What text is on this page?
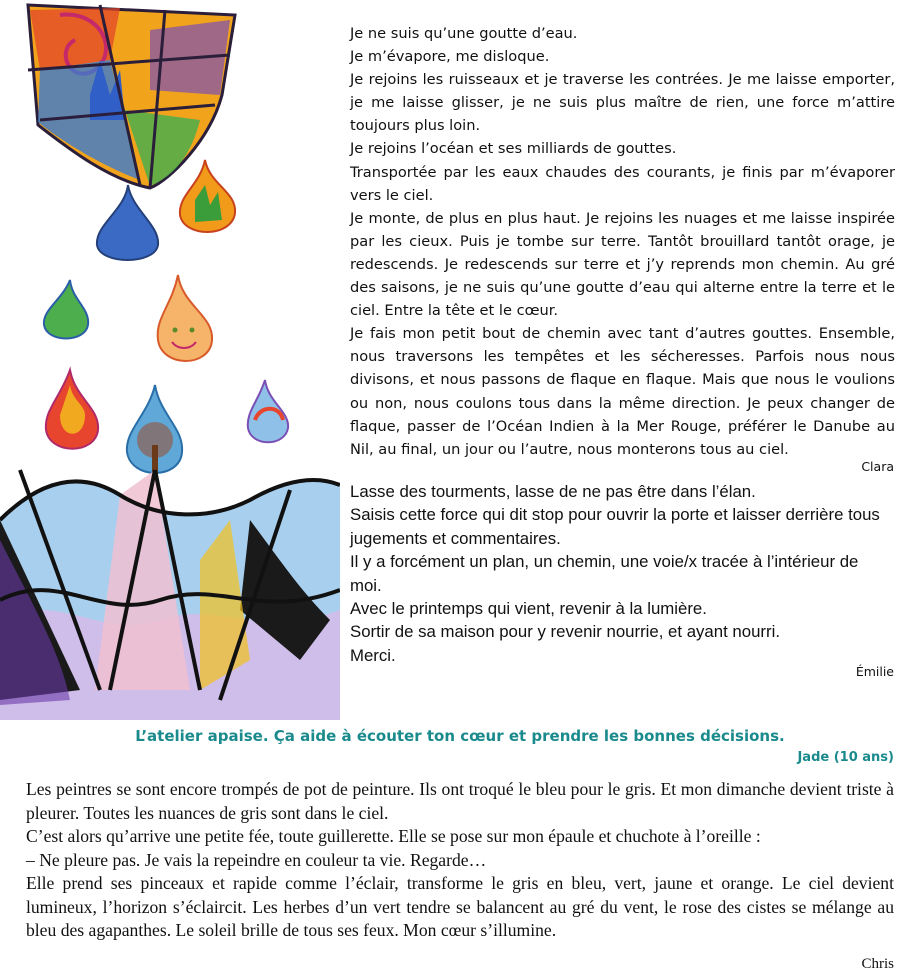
Je ne suis qu’une goutte d’eau.

Je m’évapore, me disloque.

Je rejoins les ruisseaux et je traverse les contrées. Je me laisse emporter, je me laisse glisser, je ne suis plus maître de rien, une force m’attire toujours plus loin.

Je rejoins l’océan et ses milliards de gouttes.

Transportée par les eaux chaudes des courants, je finis par m’évaporer vers le ciel.

Je monte, de plus en plus haut. Je rejoins les nuages et me laisse inspirée par les cieux. Puis je tombe sur terre. Tantôt brouillard tantôt orage, je redescends. Je redescends sur terre et j’y reprends mon chemin. Au gré des saisons, je ne suis qu’une goutte d’eau qui alterne entre la terre et le ciel. Entre la tête et le cœur.

Je fais mon petit bout de chemin avec tant d’autres gouttes. Ensemble, nous traversons les tempêtes et les sécheresses. Parfois nous nous divisons, et nous passons de flaque en flaque. Mais que nous le voulions ou non, nous coulons tous dans la même direction. Je peux changer de flaque, passer de l’Océan Indien à la Mer Rouge, préférer le Danube au Nil, au final, un jour ou l’autre, nous monterons tous au ciel.

Clara

Lasse des tourments, lasse de ne pas être dans l’élan.

Saisis cette force qui dit stop pour ouvrir la porte et laisser derrière tous jugements et commentaires.

Il y a forcément un plan, un chemin, une voie/x tracée à l’intérieur de moi.

Avec le printemps qui vient, revenir à la lumière.

Sortir de sa maison pour y revenir nourrie, et ayant nourri.

Merci.

Émilie
L’atelier apaise. Ça aide à écouter ton cœur et prendre les bonnes décisions.
Jade (10 ans)

Les peintres se sont encore trompés de pot de peinture. Ils ont troqué le bleu pour le gris. Et mon dimanche devient triste à pleurer. Toutes les nuances de gris sont dans le ciel.

C’est alors qu’arrive une petite fée, toute guillerette. Elle se pose sur mon épaule et chuchote à l’oreille :

– Ne pleure pas. Je vais la repeindre en couleur ta vie. Regarde…

Elle prend ses pinceaux et rapide comme l’éclair, transforme le gris en bleu, vert, jaune et orange. Le ciel devient lumineux, l’horizon s’éclaircit. Les herbes d’un vert tendre se balancent au gré du vent, le rose des cistes se mélange au bleu des agapanthes. Le soleil brille de tous ses feux. Mon cœur s’illumine.

Chris
